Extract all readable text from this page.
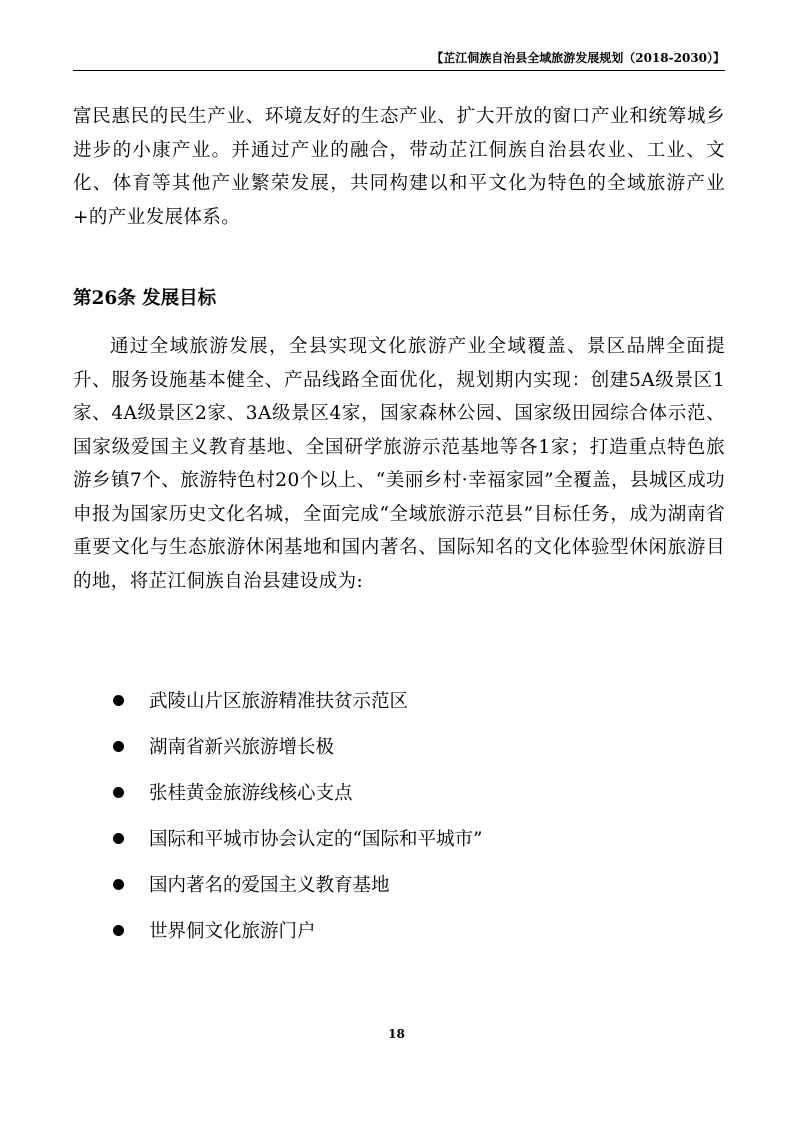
【芷江侗族自治县全域旅游发展规划（2018-2030）】
富民惠民的民生产业、环境友好的生态产业、扩大开放的窗口产业和统筹城乡进步的小康产业。并通过产业的融合，带动芷江侗族自治县农业、工业、文化、体育等其他产业繁荣发展，共同构建以和平文化为特色的全域旅游产业+的产业发展体系。
第26条 发展目标
通过全域旅游发展，全县实现文化旅游产业全域覆盖、景区品牌全面提升、服务设施基本健全、产品线路全面优化，规划期内实现：创建5A级景区1家、4A级景区2家、3A级景区4家，国家森林公园、国家级田园综合体示范、国家级爱国主义教育基地、全国研学旅游示范基地等各1家；打造重点特色旅游乡镇7个、旅游特色村20个以上、“美丽乡村·幸福家园”全覆盖，县城区成功申报为国家历史文化名城，全面完成“全域旅游示范县”目标任务，成为湖南省重要文化与生态旅游休闲基地和国内著名、国际知名的文化体验型休闲旅游目的地，将芷江侗族自治县建设成为:
武陵山片区旅游精准扶贫示范区
湖南省新兴旅游增长极
张桂黄金旅游线核心支点
国际和平城市协会认定的“国际和平城市”
国内著名的爱国主义教育基地
世界侗文化旅游门户
18
